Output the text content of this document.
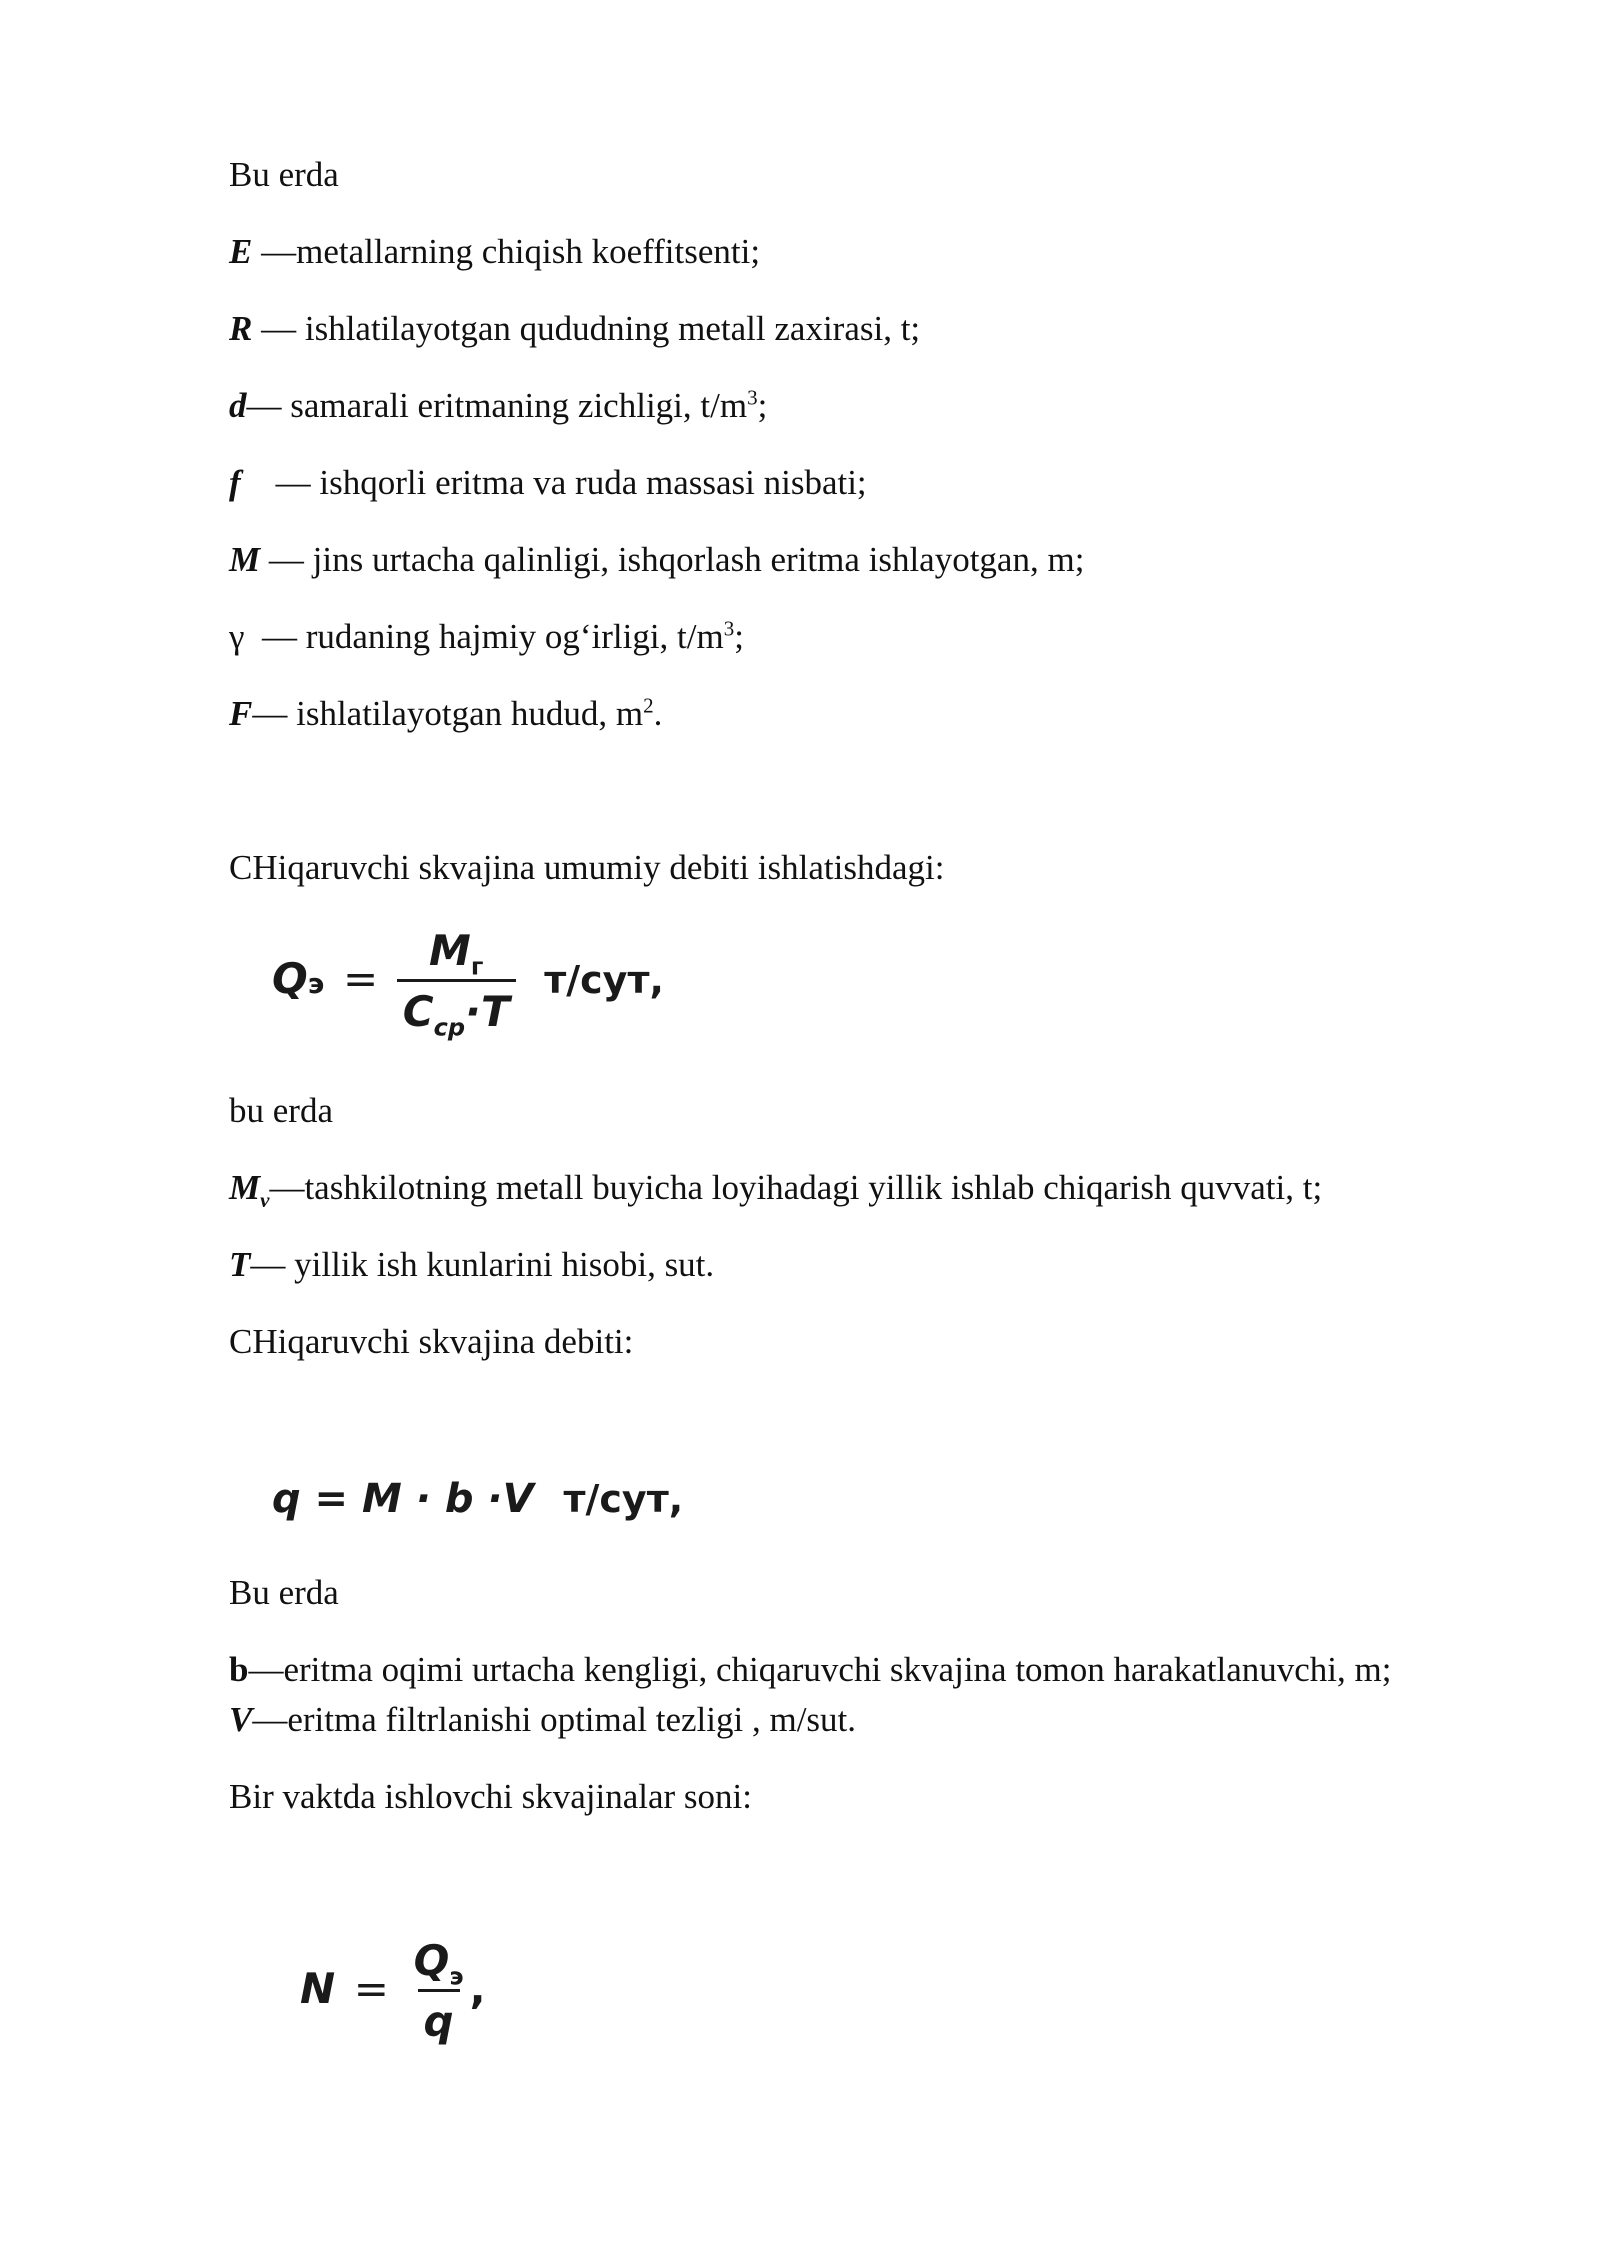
Bu erda
E —metallarning chiqish koeffitsenti;
R — ishlatilayotgan qududning metall zaxirasi, t;
d— samarali eritmaning zichligi, $t/m^3$;
f    — ishqorli eritma va ruda massasi nisbati;
M — jins urtacha qalinligi, ishqorlash eritma ishlayotgan, m;
γ  — rudaning hajmiy og‘irligi, $t/m^3$;
F— ishlatilayotgan hudud, $m^2$.
CHiqaruvchi skvajina umumiy debiti ishlatishdagi:
Qэ = $\frac{M_г}{C_{cp}\cdot T} т/сут$,
bu erda
$M_v—tashkilotning$ metall buyicha loyihadagi yillik ishlab chiqarish quvvati, t;
T— yillik ish kunlarini hisobi, sut.
CHiqaruvchi skvajina debiti:
q = M · b ·V т/сут,
Bu erda
b—eritma oqimi urtacha kengligi, chiqaruvchi skvajina tomon harakatlanuvchi, m;
V—eritma filtrlanishi optimal tezligi , m/sut.
Bir vaktda ishlovchi skvajinalar soni:
$N = \frac{Q_э}{q}$ ,
